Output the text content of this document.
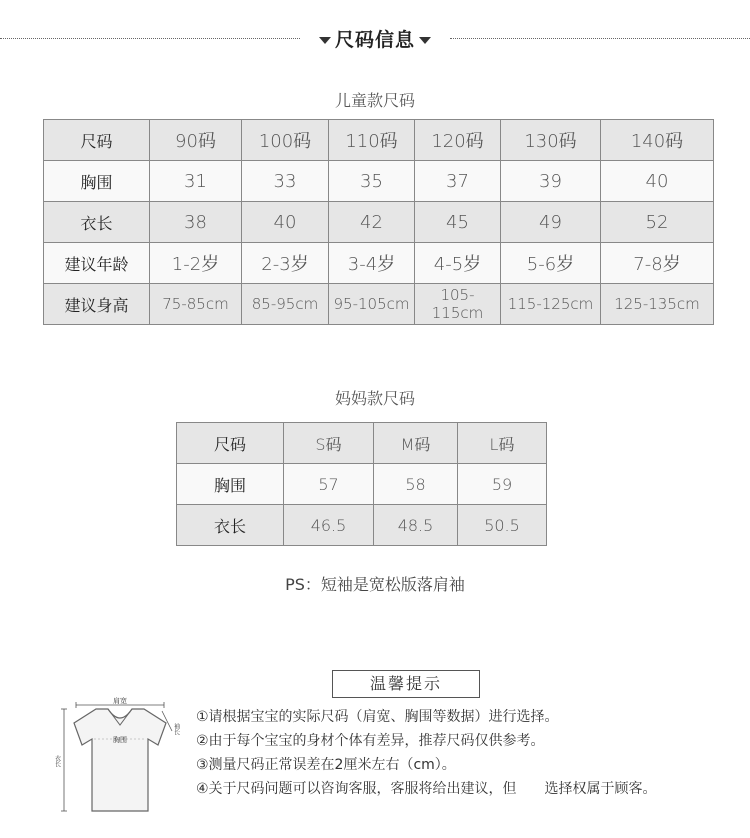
尺码信息
儿童款尺码
尺码	90码	100码	110码	120码	130码	140码
胸围	31	33	35	37	39	40
衣长	38	40	42	45	49	52
建议年龄	1-2岁	2-3岁	3-4岁	4-5岁	5-6岁	7-8岁
建议身高	75-85cm	85-95cm	95-105cm	105-115cm	115-125cm	125-135cm
妈妈款尺码
尺码	S码	M码	L码
胸围	57	58	59
衣长	46.5	48.5	50.5
PS：短袖是宽松版落肩袖
温馨提示
肩宽
胸围
袖长
衣长
①请根据宝宝的实际尺码（肩宽、胸围等数据）进行选择。
②由于每个宝宝的身材个体有差异，推荐尺码仅供参考。
③测量尺码正常误差在2厘米左右（cm）。
④关于尺码问题可以咨询客服，客服将给出建议，但　　选择权属于顾客。
